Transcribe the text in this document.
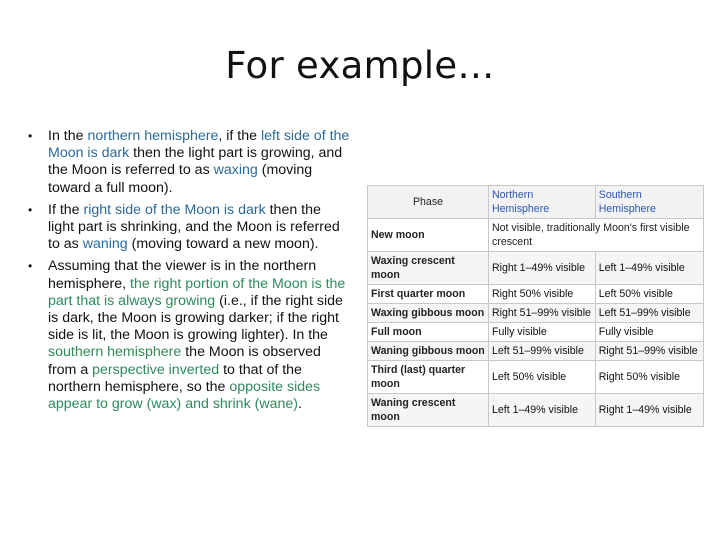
For example…
• In the northern hemisphere, if the left side of the Moon is dark then the light part is growing, and the Moon is referred to as waxing (moving toward a full moon).
• If the right side of the Moon is dark then the light part is shrinking, and the Moon is referred to as waning (moving toward a new moon).
• Assuming that the viewer is in the northern hemisphere, the right portion of the Moon is the part that is always growing (i.e., if the right side is dark, the Moon is growing darker; if the right side is lit, the Moon is growing lighter). In the southern hemisphere the Moon is observed from a perspective inverted to that of the northern hemisphere, so the opposite sides appear to grow (wax) and shrink (wane).
Phase	Northern Hemisphere	Southern Hemisphere
New moon	Not visible, traditionally Moon's first visible crescent	
Waxing crescent moon	Right 1–49% visible	Left 1–49% visible
First quarter moon	Right 50% visible	Left 50% visible
Waxing gibbous moon	Right 51–99% visible	Left 51–99% visible
Full moon	Fully visible	Fully visible
Waning gibbous moon	Left 51–99% visible	Right 51–99% visible
Third (last) quarter moon	Left 50% visible	Right 50% visible
Waning crescent moon	Left 1–49% visible	Right 1–49% visible
